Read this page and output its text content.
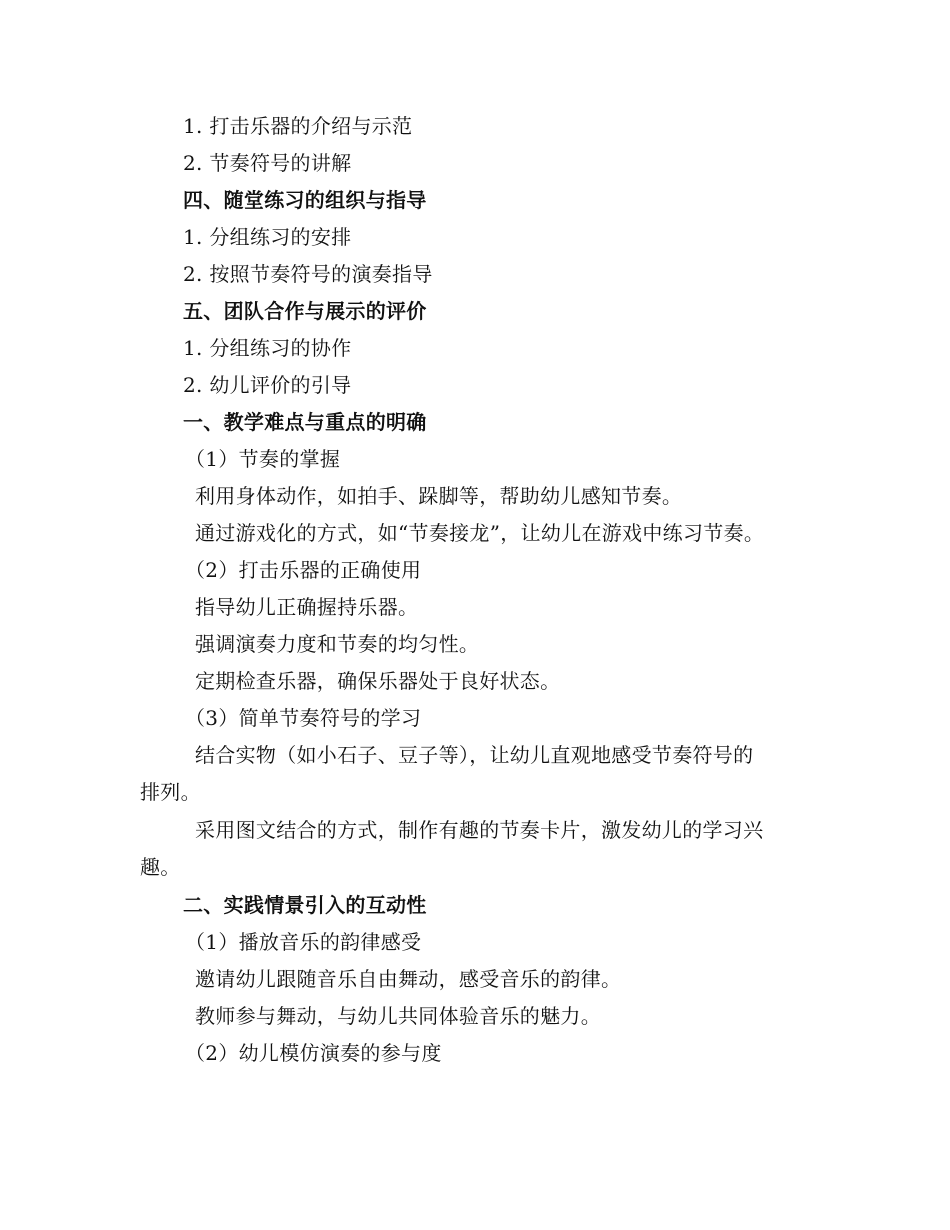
1. 打击乐器的介绍与示范
2. 节奏符号的讲解
四、随堂练习的组织与指导
1. 分组练习的安排
2. 按照节奏符号的演奏指导
五、团队合作与展示的评价
1. 分组练习的协作
2. 幼儿评价的引导
一、教学难点与重点的明确
（1）节奏的掌握
利用身体动作，如拍手、跺脚等，帮助幼儿感知节奏。
通过游戏化的方式，如“节奏接龙”，让幼儿在游戏中练习节奏。
（2）打击乐器的正确使用
指导幼儿正确握持乐器。
强调演奏力度和节奏的均匀性。
定期检查乐器，确保乐器处于良好状态。
（3）简单节奏符号的学习
结合实物（如小石子、豆子等），让幼儿直观地感受节奏符号的
排列。
采用图文结合的方式，制作有趣的节奏卡片，激发幼儿的学习兴
趣。
二、实践情景引入的互动性
（1）播放音乐的韵律感受
邀请幼儿跟随音乐自由舞动，感受音乐的韵律。
教师参与舞动，与幼儿共同体验音乐的魅力。
（2）幼儿模仿演奏的参与度
